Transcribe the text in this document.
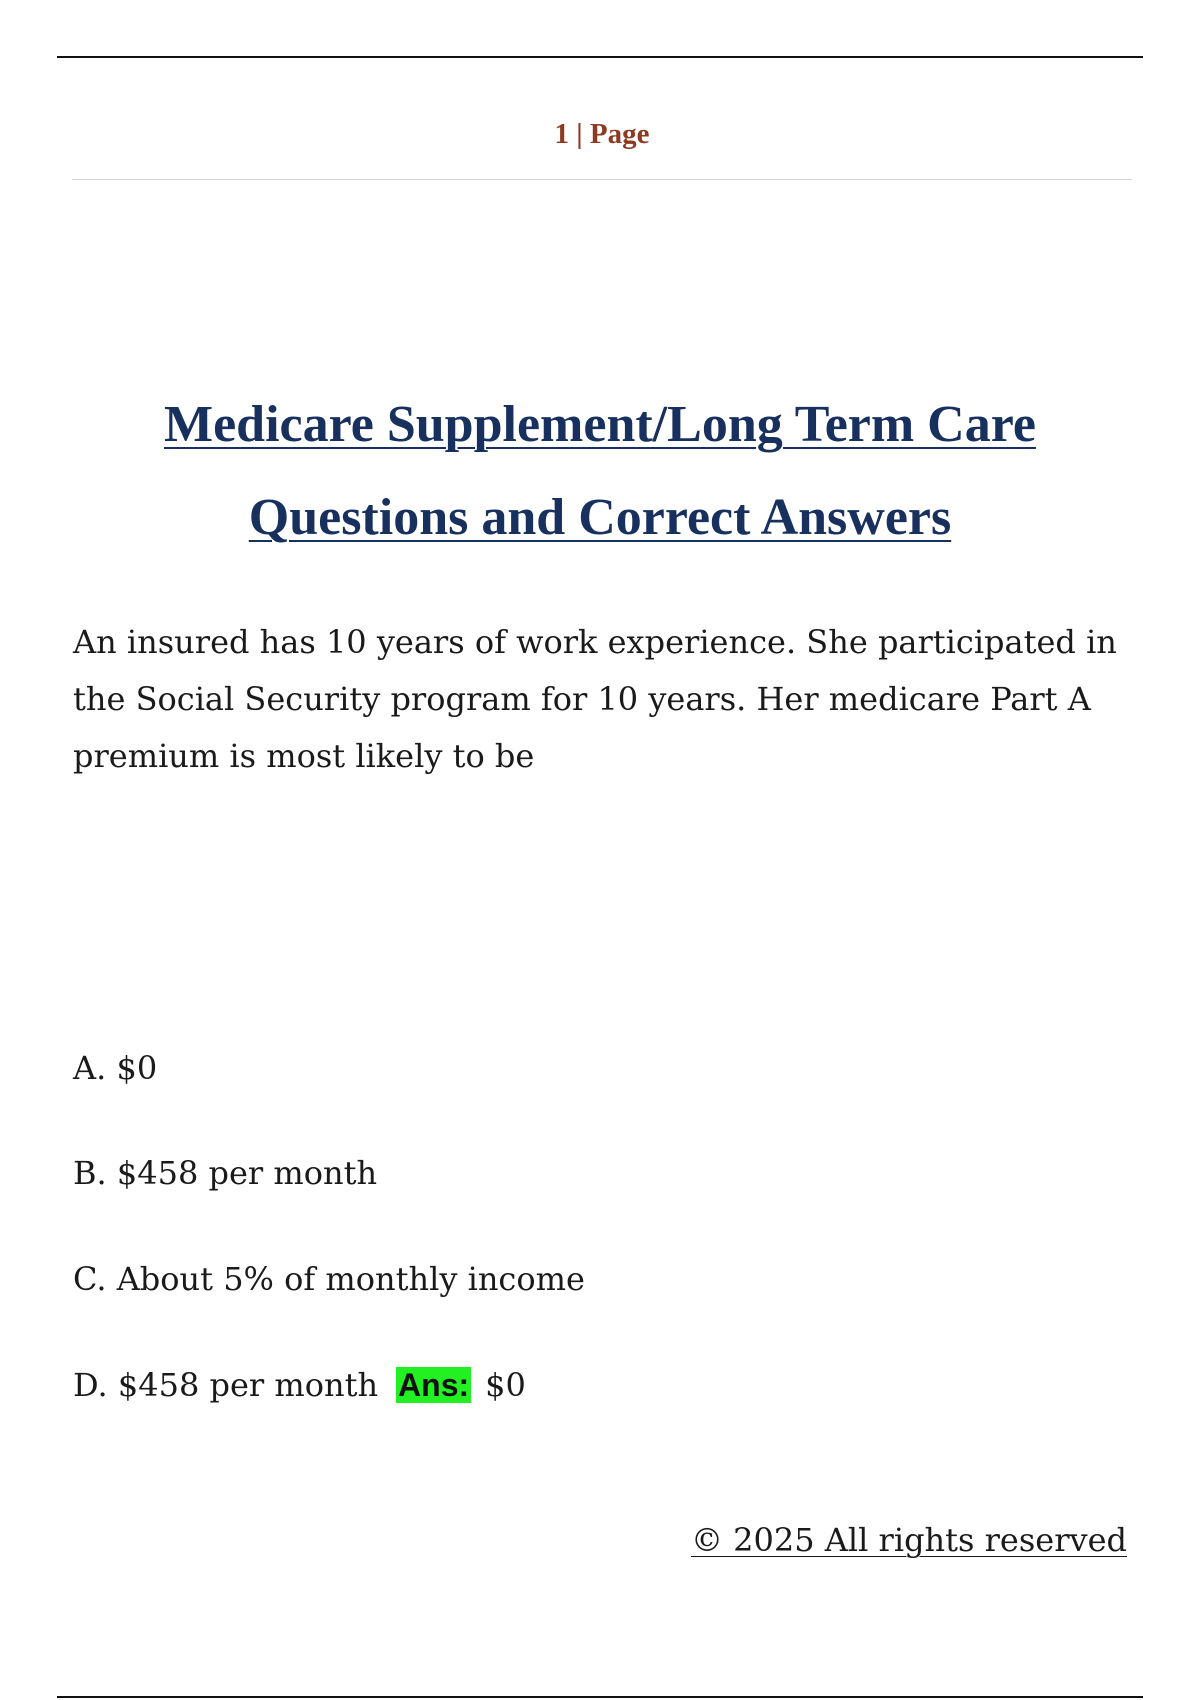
1 | Page
Medicare Supplement/Long Term Care
Questions and Correct Answers
An insured has 10 years of work experience. She participated in the Social Security program for 10 years. Her medicare Part A premium is most likely to be
A. $0
B. $458 per month
C. About 5% of monthly income
D. $458 per month Ans: $0
© 2025 All rights reserved
